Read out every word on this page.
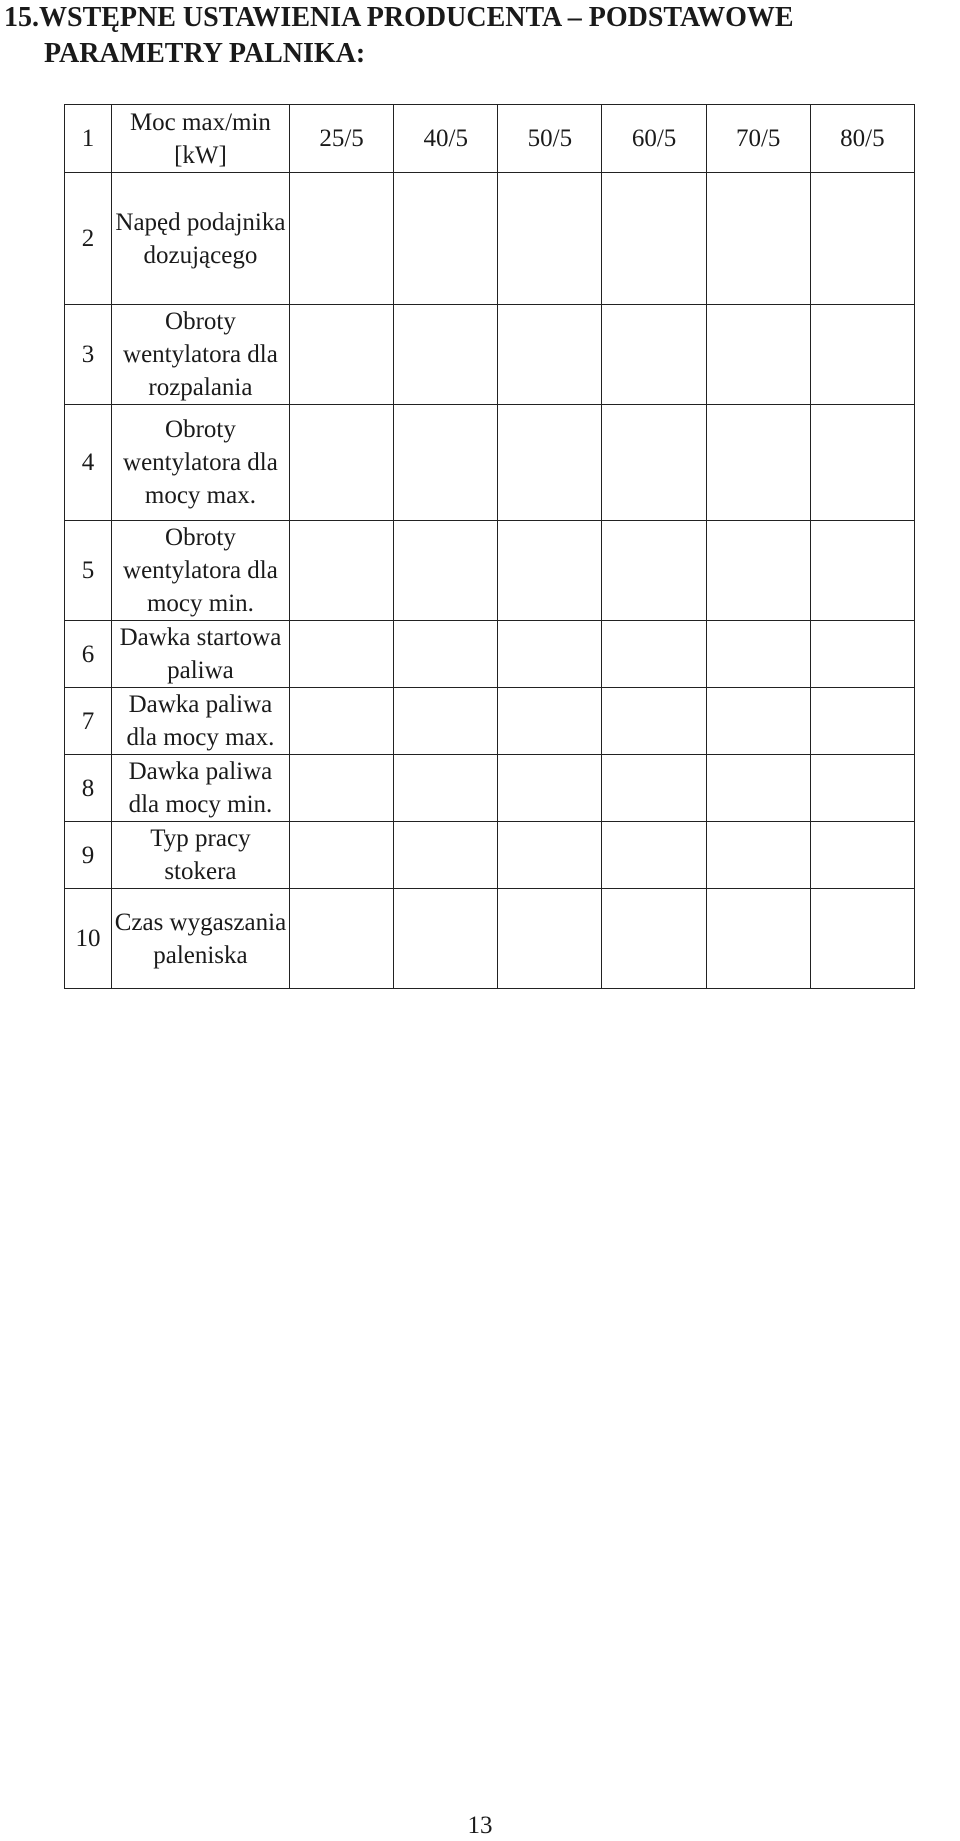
15.WSTĘPNE USTAWIENIA PRODUCENTA – PODSTAWOWE
PARAMETRY PALNIKA:
1	Moc max/min [kW]	25/5	40/5	50/5	60/5	70/5	80/5
2	Napęd podajnika dozującego						
3	Obroty wentylatora dla rozpalania						
4	Obroty wentylatora dla mocy max.						
5	Obroty wentylatora dla mocy min.						
6	Dawka startowa paliwa						
7	Dawka paliwa dla mocy max.						
8	Dawka paliwa dla mocy min.						
9	Typ pracy stokera						
10	Czas wygaszania paleniska						
13
